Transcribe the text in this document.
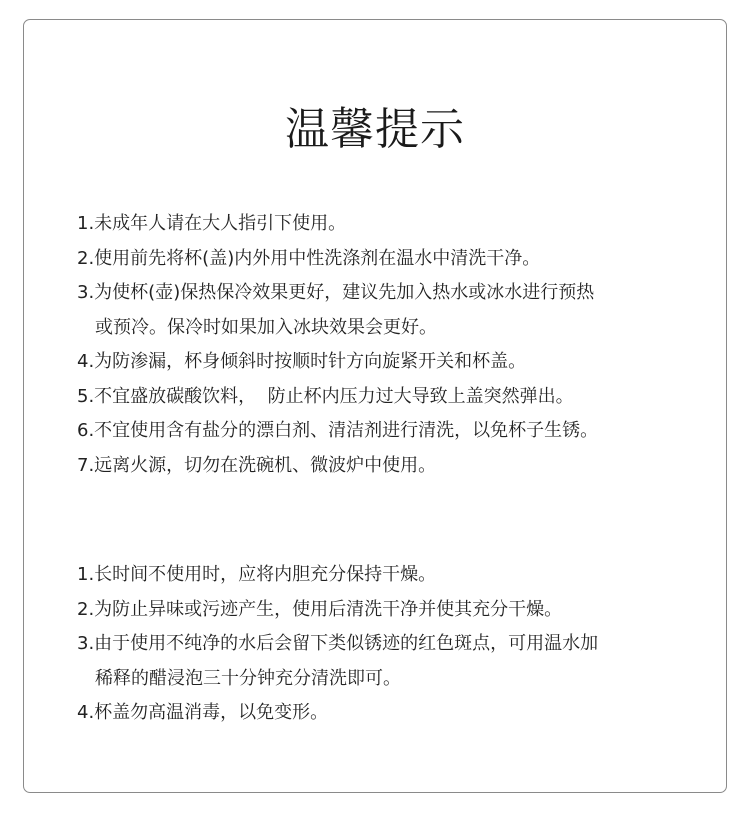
温馨提示
1.未成年人请在大人指引下使用。
2.使用前先将杯(盖)内外用中性洗涤剂在温水中清洗干净。
3.为使杯(壶)保热保冷效果更好，建议先加入热水或冰水进行预热
或预冷。保冷时如果加入冰块效果会更好。
4.为防渗漏，杯身倾斜时按顺时针方向旋紧开关和杯盖。
5.不宜盛放碳酸饮料，  防止杯内压力过大导致上盖突然弹出。
6.不宜使用含有盐分的漂白剂、清洁剂进行清洗，以免杯子生锈。
7.远离火源，切勿在洗碗机、微波炉中使用。
1.长时间不使用时，应将内胆充分保持干燥。
2.为防止异味或污迹产生，使用后清洗干净并使其充分干燥。
3.由于使用不纯净的水后会留下类似锈迹的红色斑点，可用温水加
稀释的醋浸泡三十分钟充分清洗即可。
4.杯盖勿高温消毒，以免变形。
